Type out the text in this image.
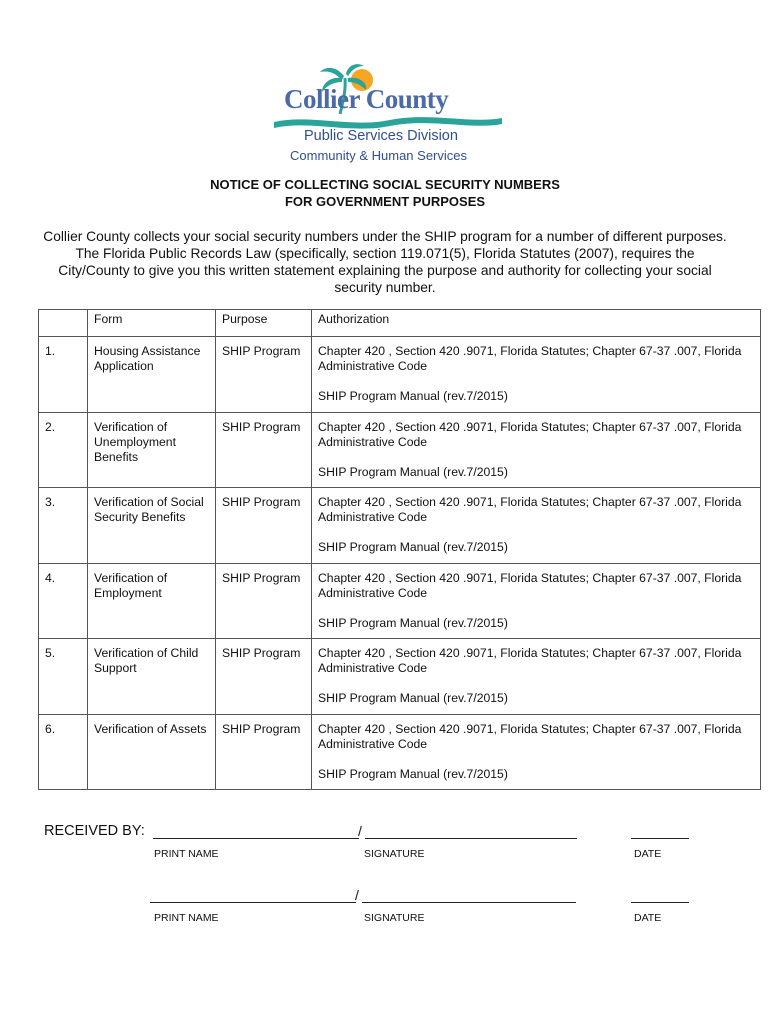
Collier County
Public Services Division
Community & Human Services
NOTICE OF COLLECTING SOCIAL SECURITY NUMBERS
FOR GOVERNMENT PURPOSES
Collier County collects your social security numbers under the SHIP program for a number of different purposes. The Florida Public Records Law (specifically, section 119.071(5), Florida Statutes (2007), requires the City/County to give you this written statement explaining the purpose and authority for collecting your social security number.
	Form	Purpose	Authorization
1.	Housing Assistance Application	SHIP Program	Chapter 420 , Section 420 .9071, Florida Statutes; Chapter 67-37 .007, Florida Administrative Code
SHIP Program Manual (rev.7/2015)

2.	Verification of Unemployment Benefits	SHIP Program	Chapter 420 , Section 420 .9071, Florida Statutes; Chapter 67-37 .007, Florida Administrative Code
SHIP Program Manual (rev.7/2015)

3.	Verification of Social Security Benefits	SHIP Program	Chapter 420 , Section 420 .9071, Florida Statutes; Chapter 67-37 .007, Florida Administrative Code
SHIP Program Manual (rev.7/2015)

4.	Verification of Employment	SHIP Program	Chapter 420 , Section 420 .9071, Florida Statutes; Chapter 67-37 .007, Florida Administrative Code
SHIP Program Manual (rev.7/2015)

5.	Verification of Child Support	SHIP Program	Chapter 420 , Section 420 .9071, Florida Statutes; Chapter 67-37 .007, Florida Administrative Code
SHIP Program Manual (rev.7/2015)

6.	Verification of Assets	SHIP Program	Chapter 420 , Section 420 .9071, Florida Statutes; Chapter 67-37 .007, Florida Administrative Code
SHIP Program Manual (rev.7/2015)
RECEIVED BY:	/
PRINT NAME	SIGNATURE	DATE
/
PRINT NAME	SIGNATURE	DATE
